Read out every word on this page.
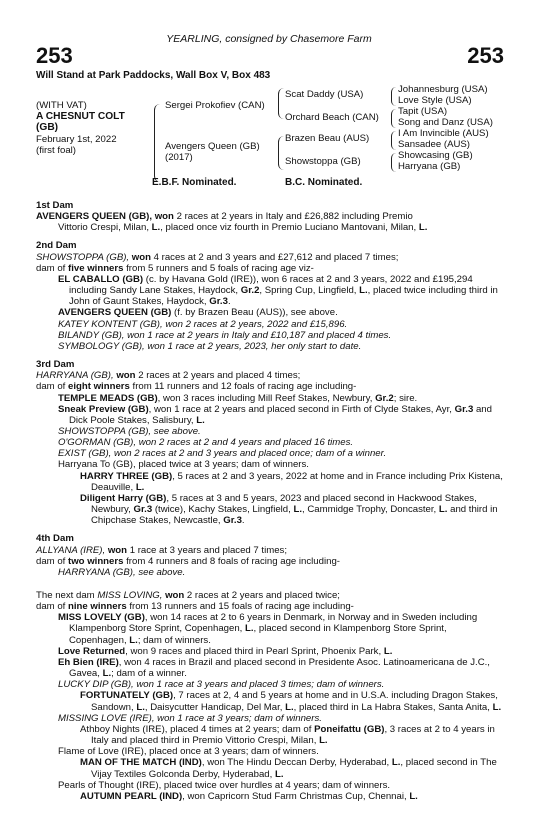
YEARLING, consigned by Chasemore Farm
253	253
Will Stand at Park Paddocks, Wall Box V, Box 483
(WITH VAT)
A CHESNUT COLT
(GB)
February 1st, 2022
(first foal)
Sergei Prokofiev (CAN)
Avengers Queen (GB)
(2017)
Scat Daddy (USA)
Orchard Beach (CAN)
Brazen Beau (AUS)
Showstoppa (GB)
Johannesburg (USA)
Love Style (USA)
Tapit (USA)
Song and Danz (USA)
I Am Invincible (AUS)
Sansadee (AUS)
Showcasing (GB)
Harryana (GB)
E.B.F. Nominated.	B.C. Nominated.
1st Dam

AVENGERS QUEEN (GB), won 2 races at 2 years in Italy and £26,882 including Premio

Vittorio Crespi, Milan, L., placed once viz fourth in Premio Luciano Mantovani, Milan, L.

2nd Dam

SHOWSTOPPA (GB), won 4 races at 2 and 3 years and £27,612 and placed 7 times;

dam of five winners from 5 runners and 5 foals of racing age viz-

EL CABALLO (GB) (c. by Havana Gold (IRE)), won 6 races at 2 and 3 years, 2022 and £195,294 including Sandy Lane Stakes, Haydock, Gr.2, Spring Cup, Lingfield, L., placed twice including third in John of Gaunt Stakes, Haydock, Gr.3.

AVENGERS QUEEN (GB) (f. by Brazen Beau (AUS)), see above.

KATEY KONTENT (GB), won 2 races at 2 years, 2022 and £15,896.

BILANDY (GB), won 1 race at 2 years in Italy and £10,187 and placed 4 times.

SYMBOLOGY (GB), won 1 race at 2 years, 2023, her only start to date.

3rd Dam

HARRYANA (GB), won 2 races at 2 years and placed 4 times;

dam of eight winners from 11 runners and 12 foals of racing age including-

TEMPLE MEADS (GB), won 3 races including Mill Reef Stakes, Newbury, Gr.2; sire.

Sneak Preview (GB), won 1 race at 2 years and placed second in Firth of Clyde Stakes, Ayr, Gr.3 and Dick Poole Stakes, Salisbury, L.

SHOWSTOPPA (GB), see above.

O'GORMAN (GB), won 2 races at 2 and 4 years and placed 16 times.

EXIST (GB), won 2 races at 2 and 3 years and placed once; dam of a winner.

Harryana To (GB), placed twice at 3 years; dam of winners.

HARRY THREE (GB), 5 races at 2 and 3 years, 2022 at home and in France including Prix Kistena, Deauville, L.

Diligent Harry (GB), 5 races at 3 and 5 years, 2023 and placed second in Hackwood Stakes, Newbury, Gr.3 (twice), Kachy Stakes, Lingfield, L., Cammidge Trophy, Doncaster, L. and third in Chipchase Stakes, Newcastle, Gr.3.

4th Dam

ALLYANA (IRE), won 1 race at 3 years and placed 7 times;

dam of two winners from 4 runners and 8 foals of racing age including-

HARRYANA (GB), see above.

The next dam MISS LOVING, won 2 races at 2 years and placed twice;

dam of nine winners from 13 runners and 15 foals of racing age including-

MISS LOVELY (GB), won 14 races at 2 to 6 years in Denmark, in Norway and in Sweden including Klampenborg Store Sprint, Copenhagen, L., placed second in Klampenborg Store Sprint, Copenhagen, L.; dam of winners.

Love Returned, won 9 races and placed third in Pearl Sprint, Phoenix Park, L.

Eh Bien (IRE), won 4 races in Brazil and placed second in Presidente Asoc. Latinoamericana de J.C., Gavea, L.; dam of a winner.

LUCKY DIP (GB), won 1 race at 3 years and placed 3 times; dam of winners.

FORTUNATELY (GB), 7 races at 2, 4 and 5 years at home and in U.S.A. including Dragon Stakes, Sandown, L., Daisycutter Handicap, Del Mar, L., placed third in La Habra Stakes, Santa Anita, L.

MISSING LOVE (IRE), won 1 race at 3 years; dam of winners.

Athboy Nights (IRE), placed 4 times at 2 years; dam of Poneifattu (GB), 3 races at 2 to 4 years in Italy and placed third in Premio Vittorio Crespi, Milan, L.

Flame of Love (IRE), placed once at 3 years; dam of winners.

MAN OF THE MATCH (IND), won The Hindu Deccan Derby, Hyderabad, L., placed second in The Vijay Textiles Golconda Derby, Hyderabad, L.

Pearls of Thought (IRE), placed twice over hurdles at 4 years; dam of winners.

AUTUMN PEARL (IND), won Capricorn Stud Farm Christmas Cup, Chennai, L.
